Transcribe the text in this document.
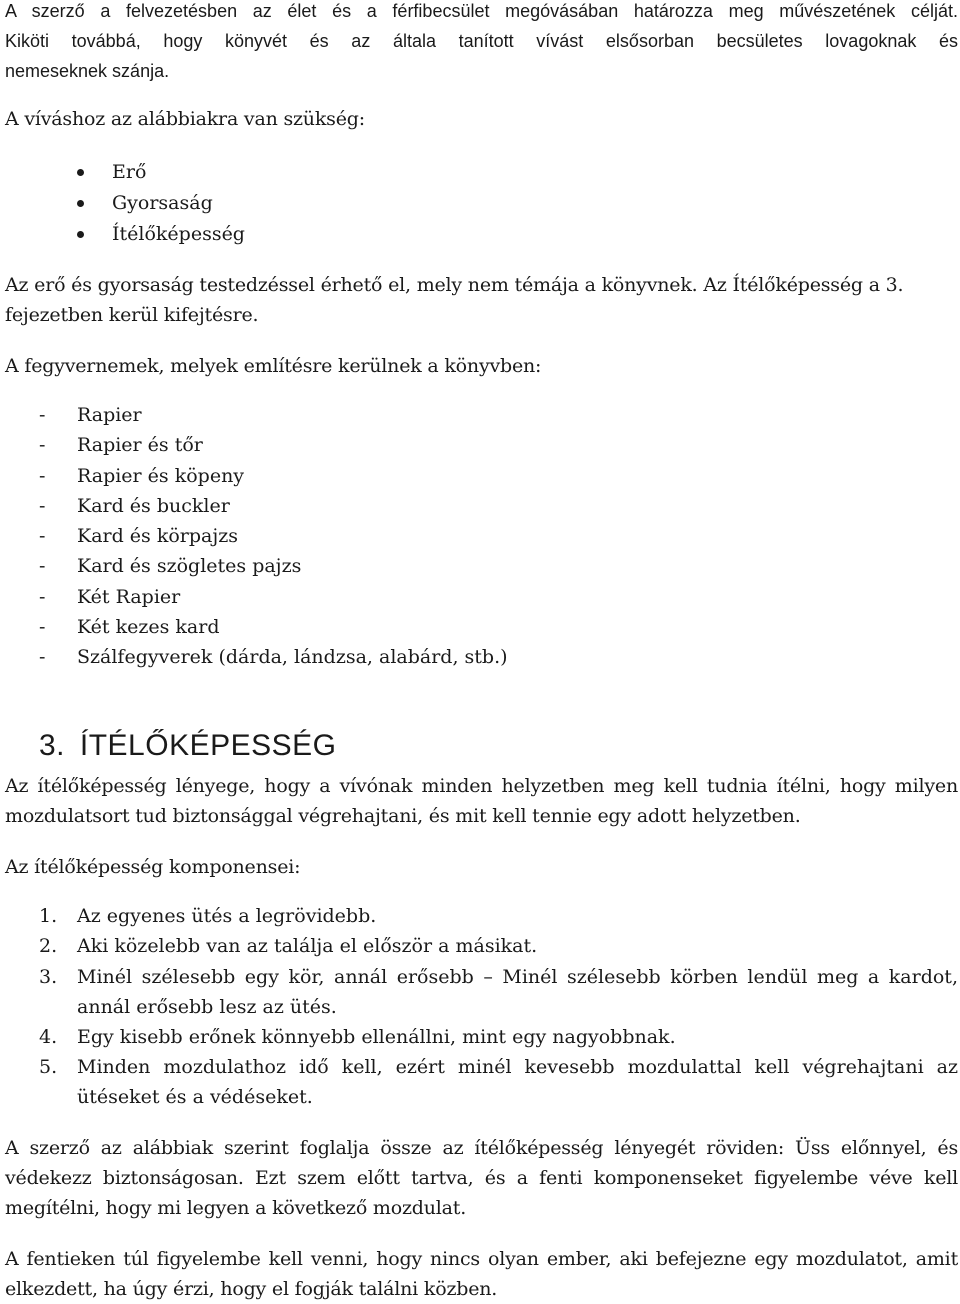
A szerző a felvezetésben az élet és a férfibecsület megóvásában határozza meg művészetének célját.
Kiköti továbbá, hogy könyvét és az általa tanított vívást elsősorban becsületes lovagoknak és
nemeseknek szánja.
A víváshoz az alábbiakra van szükség:
Erő
Gyorsaság
Ítélőképesség
Az erő és gyorsaság testedzéssel érhető el, mely nem témája a könyvnek. Az Ítélőképesség a 3.
fejezetben kerül kifejtésre.
A fegyvernemek, melyek említésre kerülnek a könyvben:
- Rapier
- Rapier és tőr
- Rapier és köpeny
- Kard és buckler
- Kard és körpajzs
- Kard és szögletes pajzs
- Két Rapier
- Két kezes kard
- Szálfegyverek (dárda, lándzsa, alabárd, stb.)
3. ÍTÉLŐKÉPESSÉG
Az ítélőképesség lényege, hogy a vívónak minden helyzetben meg kell tudnia ítélni, hogy milyen
mozdulatsort tud biztonsággal végrehajtani, és mit kell tennie egy adott helyzetben.
Az ítélőképesség komponensei:
1. Az egyenes ütés a legrövidebb.
2. Aki közelebb van az találja el először a másikat.
3. Minél szélesebb egy kör, annál erősebb – Minél szélesebb körben lendül meg a kardot, annál erősebb lesz az ütés.
4. Egy kisebb erőnek könnyebb ellenállni, mint egy nagyobbnak.
5. Minden mozdulathoz idő kell, ezért minél kevesebb mozdulattal kell végrehajtani az ütéseket és a védéseket.
A szerző az alábbiak szerint foglalja össze az ítélőképesség lényegét röviden: Üss előnnyel, és
védekezz biztonságosan. Ezt szem előtt tartva, és a fenti komponenseket figyelembe véve kell
megítélni, hogy mi legyen a következő mozdulat.
A fentieken túl figyelembe kell venni, hogy nincs olyan ember, aki befejezne egy mozdulatot, amit
elkezdett, ha úgy érzi, hogy el fogják találni közben.
